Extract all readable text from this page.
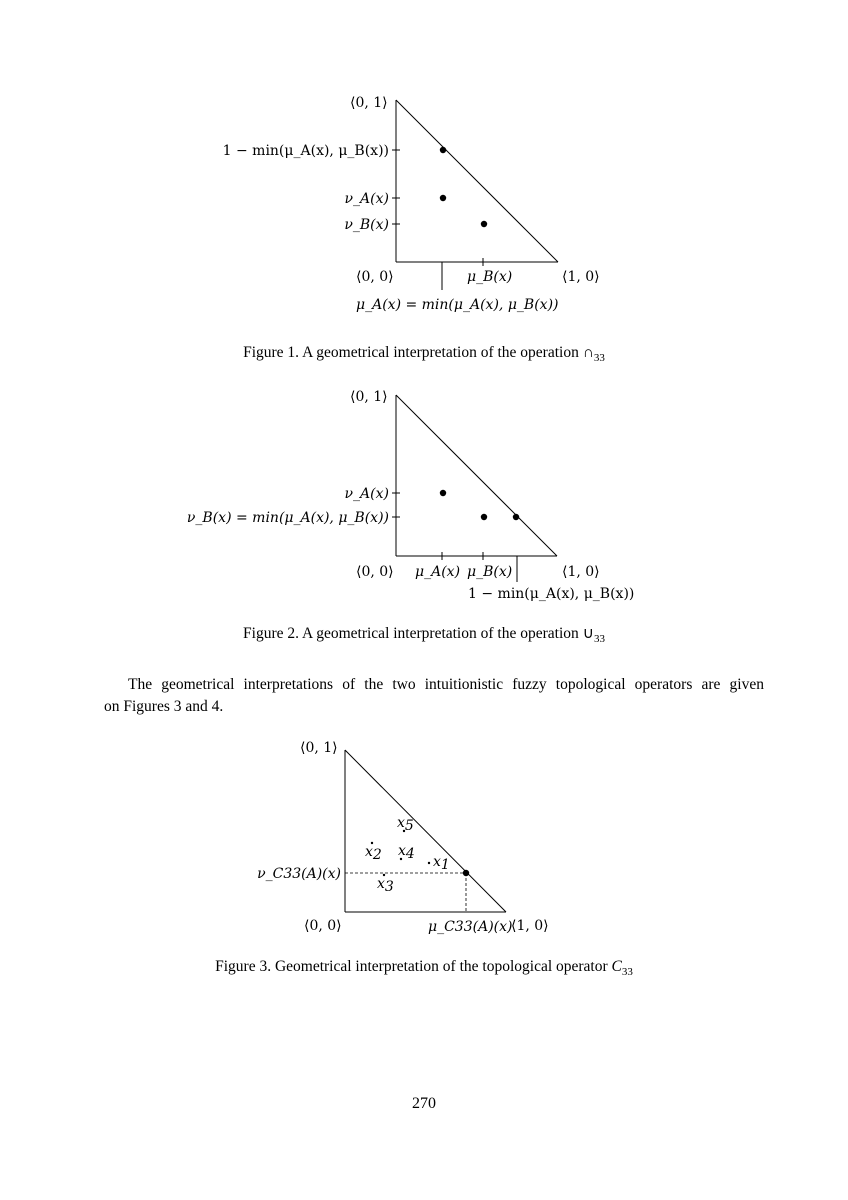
⟨0, 1⟩
1 − min(μ_A(x), μ_B(x))
ν_A(x)
ν_B(x)
⟨0, 0⟩	μ_B(x)	⟨1, 0⟩
μ_A(x) = min(μ_A(x), μ_B(x))
Figure 1. A geometrical interpretation of the operation $\cap_{33}$
⟨0, 1⟩
ν_A(x)
ν_B(x) = min(μ_A(x), μ_B(x))
⟨0, 0⟩ μ_A(x) μ_B(x)	⟨1, 0⟩
1 − min(μ_A(x), μ_B(x))
Figure 2. A geometrical interpretation of the operation $\cup_{33}$
The geometrical interpretations of the two intuitionistic fuzzy topological operators are given
on Figures 3 and 4.
x5
x2 x4 x1
x3
⟨0, 1⟩
ν_C33(A)(x)
⟨0, 0⟩	μ_C33(A)(x)
⟨1, 0⟩
Figure 3. Geometrical interpretation of the topological operator $C_{33}$
270
